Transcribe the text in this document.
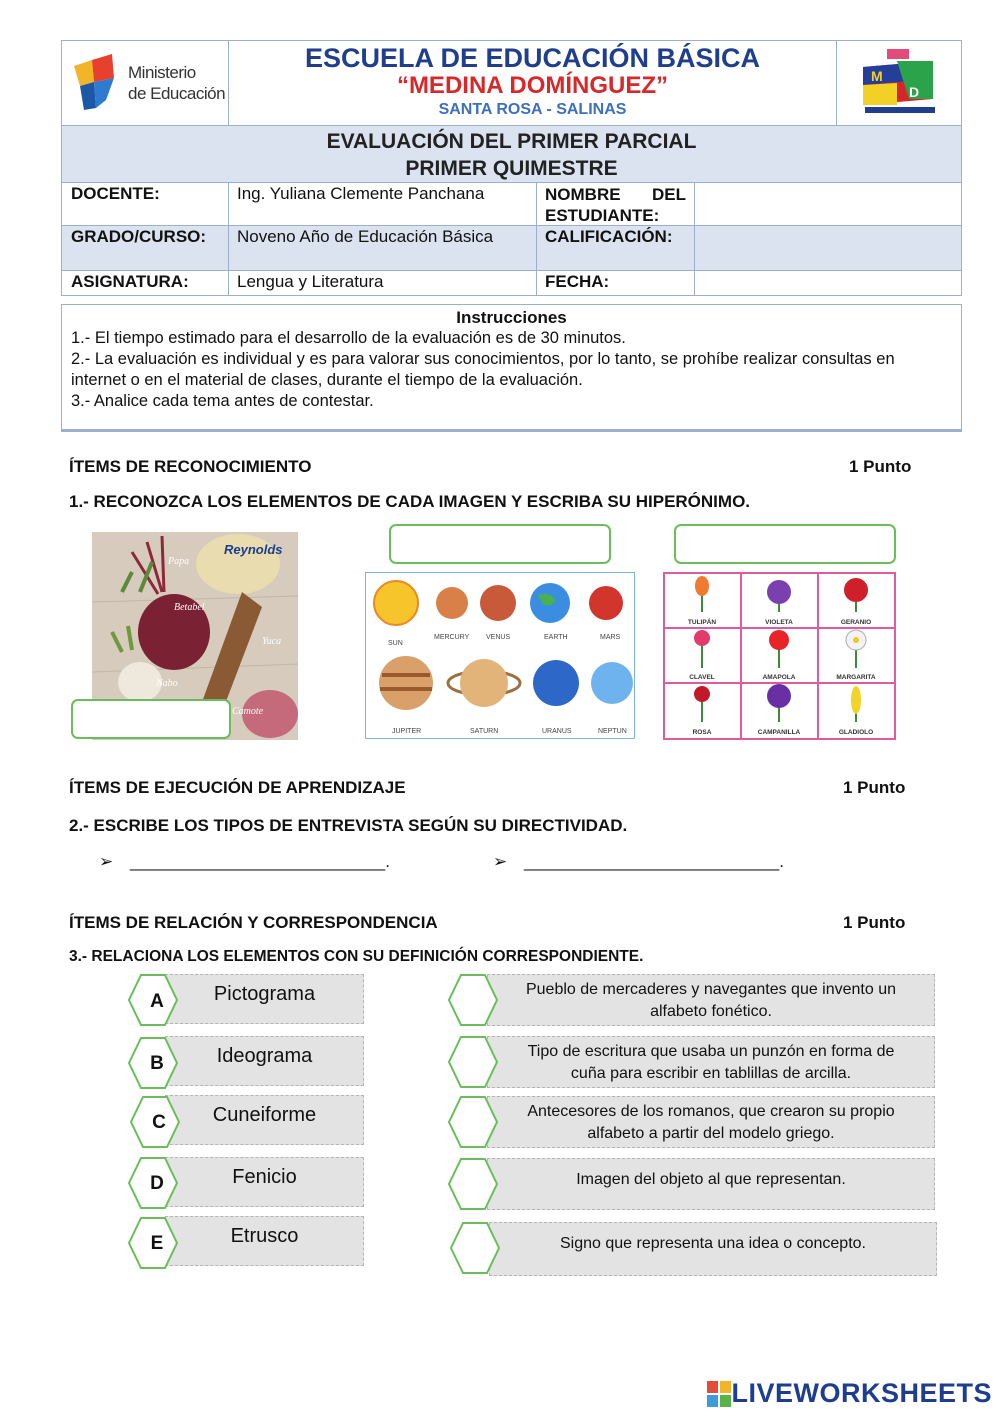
Ministerio
de Educación
ESCUELA DE EDUCACIÓN BÁSICA
“MEDINA DOMÍNGUEZ”
SANTA ROSA - SALINAS
M
D
EVALUACIÓN DEL PRIMER PARCIAL
PRIMER QUIMESTRE
DOCENTE:	Ing. Yuliana Clemente Panchana	NOMBRE DEL ESTUDIANTE:
GRADO/CURSO:	Noveno Año de Educación Básica	CALIFICACIÓN:
ASIGNATURA:	Lengua y Literatura	FECHA:
Instrucciones
1.- El tiempo estimado para el desarrollo de la evaluación es de 30 minutos.
2.- La evaluación es individual y es para valorar sus conocimientos, por lo tanto, se prohíbe realizar consultas en internet o en el material de clases, durante el tiempo de la evaluación.
3.- Analice cada tema antes de contestar.
ÍTEMS DE RECONOCIMIENTO	1 Punto
1.- RECONOZCA LOS ELEMENTOS DE CADA IMAGEN Y ESCRIBA SU HIPERÓNIMO.
Reynolds
Papa
Betabel
Yuca
Nabo
Camote
SUN
MERCURY VENUS	EARTH	MARS
JUPITER	SATURN	URANUS	NEPTUN
TULIPÁN	VIOLETA	GERANIO
CLAVEL	AMAPOLA	MARGARITA
ROSA	CAMPANILLA	GLADIOLO
ÍTEMS DE EJECUCIÓN DE APRENDIZAJE	1 Punto
2.- ESCRIBE LOS TIPOS DE ENTREVISTA SEGÚN SU DIRECTIVIDAD.
➢ ___________________________.	➢ ___________________________.
ÍTEMS DE RELACIÓN Y CORRESPONDENCIA	1 Punto
3.- RELACIONA LOS ELEMENTOS CON SU DEFINICIÓN CORRESPONDIENTE.
Pictograma
A
Ideograma
B
Cuneiforme
C
Fenicio
D
Etrusco
E
Pueblo de mercaderes y navegantes que invento un alfabeto fonético.
Tipo de escritura que usaba un punzón en forma de cuña para escribir en tablillas de arcilla.
Antecesores de los romanos, que crearon su propio alfabeto a partir del modelo griego.
Imagen del objeto al que representan.
Signo que representa una idea o concepto.
LIVEWORKSHEETS
